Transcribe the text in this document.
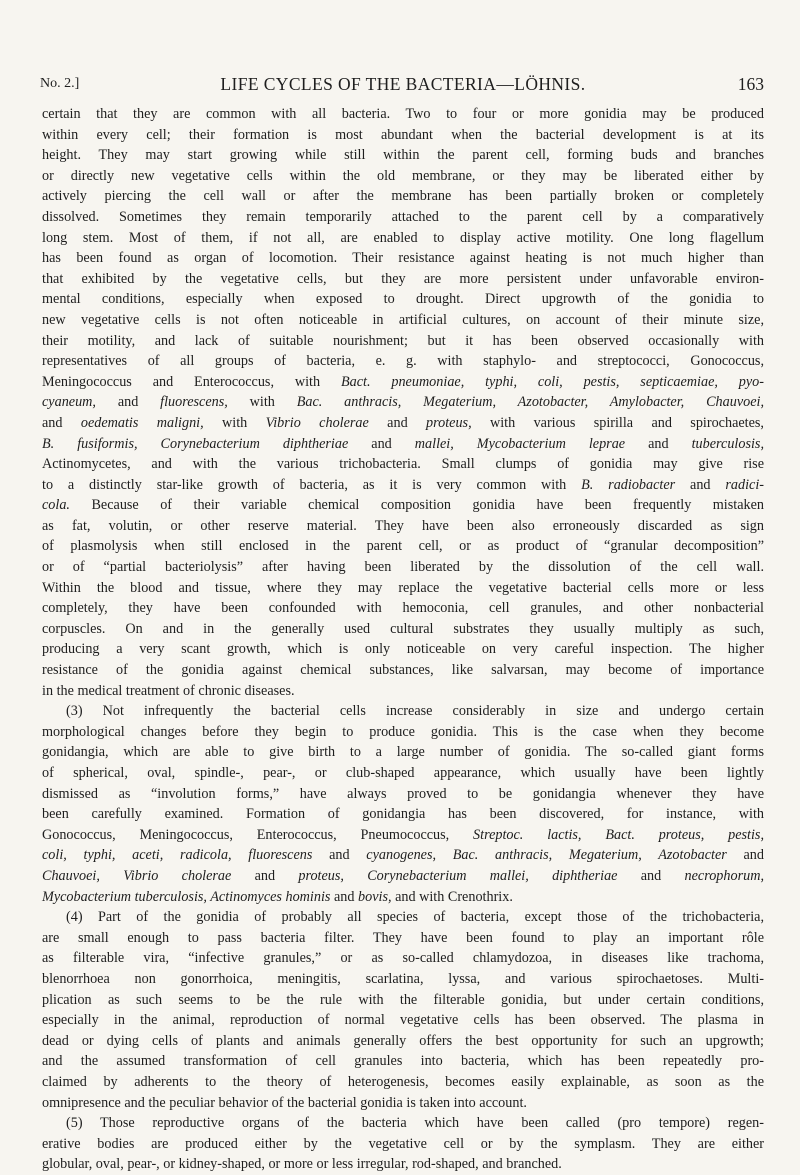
No. 2.]	LIFE CYCLES OF THE BACTERIA—LÖHNIS.	163

certain that they are common with all bacteria. Two to four or more gonidia may be produced
within every cell; their formation is most abundant when the bacterial development is at its
height. They may start growing while still within the parent cell, forming buds and branches
or directly new vegetative cells within the old membrane, or they may be liberated either by
actively piercing the cell wall or after the membrane has been partially broken or completely
dissolved. Sometimes they remain temporarily attached to the parent cell by a comparatively
long stem. Most of them, if not all, are enabled to display active motility. One long flagellum
has been found as organ of locomotion. Their resistance against heating is not much higher than
that exhibited by the vegetative cells, but they are more persistent under unfavorable environ-
mental conditions, especially when exposed to drought. Direct upgrowth of the gonidia to
new vegetative cells is not often noticeable in artificial cultures, on account of their minute size,
their motility, and lack of suitable nourishment; but it has been observed occasionally with
representatives of all groups of bacteria, e. g. with staphylo- and streptococci, Gonococcus,
Meningococcus and Enterococcus, with Bact. pneumoniae, typhi, coli, pestis, septicaemiae, pyo-
cyaneum, and fluorescens, with Bac. anthracis, Megaterium, Azotobacter, Amylobacter, Chauvoei,
and oedematis maligni, with Vibrio cholerae and proteus, with various spirilla and spirochaetes,
B. fusiformis, Corynebacterium diphtheriae and mallei, Mycobacterium leprae and tuberculosis,
Actinomycetes, and with the various trichobacteria. Small clumps of gonidia may give rise
to a distinctly star-like growth of bacteria, as it is very common with B. radiobacter and radici-
cola. Because of their variable chemical composition gonidia have been frequently mistaken
as fat, volutin, or other reserve material. They have been also erroneously discarded as sign
of plasmolysis when still enclosed in the parent cell, or as product of “granular decomposition”
or of “partial bacteriolysis” after having been liberated by the dissolution of the cell wall.
Within the blood and tissue, where they may replace the vegetative bacterial cells more or less
completely, they have been confounded with hemoconia, cell granules, and other nonbacterial
corpuscles. On and in the generally used cultural substrates they usually multiply as such,
producing a very scant growth, which is only noticeable on very careful inspection. The higher
resistance of the gonidia against chemical substances, like salvarsan, may become of importance
in the medical treatment of chronic diseases.

(3) Not infrequently the bacterial cells increase considerably in size and undergo certain
morphological changes before they begin to produce gonidia. This is the case when they become
gonidangia, which are able to give birth to a large number of gonidia. The so-called giant forms
of spherical, oval, spindle-, pear-, or club-shaped appearance, which usually have been lightly
dismissed as “involution forms,” have always proved to be gonidangia whenever they have
been carefully examined. Formation of gonidangia has been discovered, for instance, with
Gonococcus, Meningococcus, Enterococcus, Pneumococcus, Streptoc. lactis, Bact. proteus, pestis,
coli, typhi, aceti, radicola, fluorescens and cyanogenes, Bac. anthracis, Megaterium, Azotobacter and
Chauvoei, Vibrio cholerae and proteus, Corynebacterium mallei, diphtheriae and necrophorum,
Mycobacterium tuberculosis, Actinomyces hominis and bovis, and with Crenothrix.

(4) Part of the gonidia of probably all species of bacteria, except those of the trichobacteria,
are small enough to pass bacteria filter. They have been found to play an important rôle
as filterable vira, “infective granules,” or as so-called chlamydozoa, in diseases like trachoma,
blenorrhoea non gonorrhoica, meningitis, scarlatina, lyssa, and various spirochaetoses. Multi-
plication as such seems to be the rule with the filterable gonidia, but under certain conditions,
especially in the animal, reproduction of normal vegetative cells has been observed. The plasma in
dead or dying cells of plants and animals generally offers the best opportunity for such an upgrowth;
and the assumed transformation of cell granules into bacteria, which has been repeatedly pro-
claimed by adherents to the theory of heterogenesis, becomes easily explainable, as soon as the
omnipresence and the peculiar behavior of the bacterial gonidia is taken into account.

(5) Those reproductive organs of the bacteria which have been called (pro tempore) regen-
erative bodies are produced either by the vegetative cell or by the symplasm. They are either
globular, oval, pear-, or kidney-shaped, or more or less irregular, rod-shaped, and branched.
